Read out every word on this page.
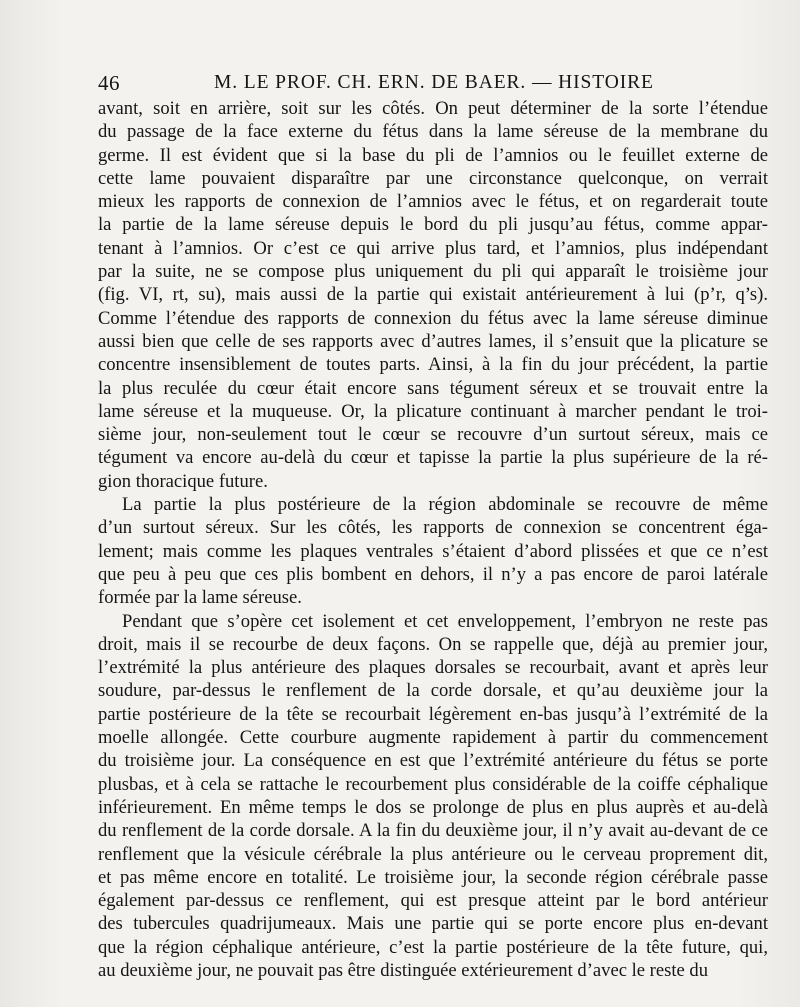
46	M. LE PROF. CH. ERN. DE BAER. — HISTOIRE
avant, soit en arrière, soit sur les côtés. On peut déterminer de la sorte l’étendue
du passage de la face externe du fétus dans la lame séreuse de la membrane du
germe. Il est évident que si la base du pli de l’amnios ou le feuillet externe de
cette lame pouvaient disparaître par une circonstance quelconque, on verrait
mieux les rapports de connexion de l’amnios avec le fétus, et on regarderait toute
la partie de la lame séreuse depuis le bord du pli jusqu’au fétus, comme appar-
tenant à l’amnios. Or c’est ce qui arrive plus tard, et l’amnios, plus indépendant
par la suite, ne se compose plus uniquement du pli qui apparaît le troisième jour
(fig. VI, rt, su), mais aussi de la partie qui existait antérieurement à lui (p’r, q’s).
Comme l’étendue des rapports de connexion du fétus avec la lame séreuse diminue
aussi bien que celle de ses rapports avec d’autres lames, il s’ensuit que la plicature se
concentre insensiblement de toutes parts. Ainsi, à la fin du jour précédent, la partie
la plus reculée du cœur était encore sans tégument séreux et se trouvait entre la
lame séreuse et la muqueuse. Or, la plicature continuant à marcher pendant le troi-
sième jour, non-seulement tout le cœur se recouvre d’un surtout séreux, mais ce
tégument va encore au-delà du cœur et tapisse la partie la plus supérieure de la ré-
gion thoracique future.
La partie la plus postérieure de la région abdominale se recouvre de même
d’un surtout séreux. Sur les côtés, les rapports de connexion se concentrent éga-
lement; mais comme les plaques ventrales s’étaient d’abord plissées et que ce n’est
que peu à peu que ces plis bombent en dehors, il n’y a pas encore de paroi latérale
formée par la lame séreuse.
Pendant que s’opère cet isolement et cet enveloppement, l’embryon ne reste pas
droit, mais il se recourbe de deux façons. On se rappelle que, déjà au premier jour,
l’extrémité la plus antérieure des plaques dorsales se recourbait, avant et après leur
soudure, par-dessus le renflement de la corde dorsale, et qu’au deuxième jour la
partie postérieure de la tête se recourbait légèrement en-bas jusqu’à l’extrémité de la
moelle allongée. Cette courbure augmente rapidement à partir du commencement
du troisième jour. La conséquence en est que l’extrémité antérieure du fétus se porte
plusbas, et à cela se rattache le recourbement plus considérable de la coiffe céphalique
inférieurement. En même temps le dos se prolonge de plus en plus auprès et au-delà
du renflement de la corde dorsale. A la fin du deuxième jour, il n’y avait au-devant de ce
renflement que la vésicule cérébrale la plus antérieure ou le cerveau proprement dit,
et pas même encore en totalité. Le troisième jour, la seconde région cérébrale passe
également par-dessus ce renflement, qui est presque atteint par le bord antérieur
des tubercules quadrijumeaux. Mais une partie qui se porte encore plus en-devant
que la région céphalique antérieure, c’est la partie postérieure de la tête future, qui,
au deuxième jour, ne pouvait pas être distinguée extérieurement d’avec le reste du
